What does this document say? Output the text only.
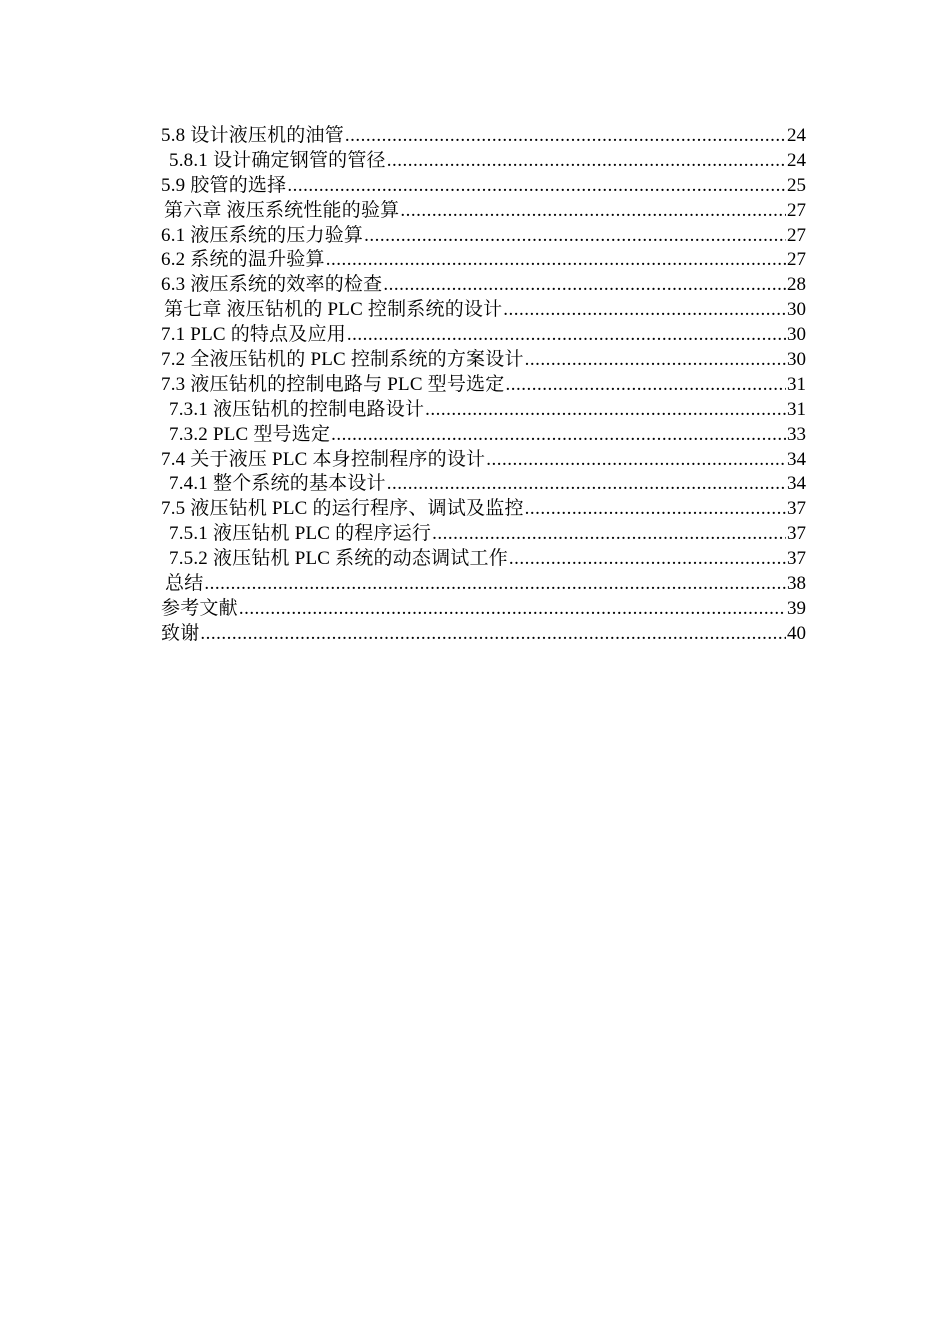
5.8 设计液压机的油管 .....	24
5.8.1 设计确定钢管的管径 .....	24
5.9 胶管的选择 .....	25
第六章 液压系统性能的验算 .....	27
6.1 液压系统的压力验算 .....	27
6.2 系统的温升验算 .....	27
6.3 液压系统的效率的检查 .....	28
第七章 液压钻机的 PLC 控制系统的设计 .....	30
7.1 PLC 的特点及应用 .....	30
7.2 全液压钻机的 PLC 控制系统的方案设计 .....	30
7.3 液压钻机的控制电路与 PLC 型号选定 .....	31
7.3.1 液压钻机的控制电路设计 .....	31
7.3.2 PLC 型号选定 .....	33
7.4 关于液压 PLC 本身控制程序的设计 .....	34
7.4.1 整个系统的基本设计 .....	34
7.5 液压钻机 PLC 的运行程序、调试及监控 .....	37
7.5.1 液压钻机 PLC 的程序运行 .....	37
7.5.2 液压钻机 PLC 系统的动态调试工作 .....	37
总结 .....	38
参考文献 .....	39
致谢 .....	40
